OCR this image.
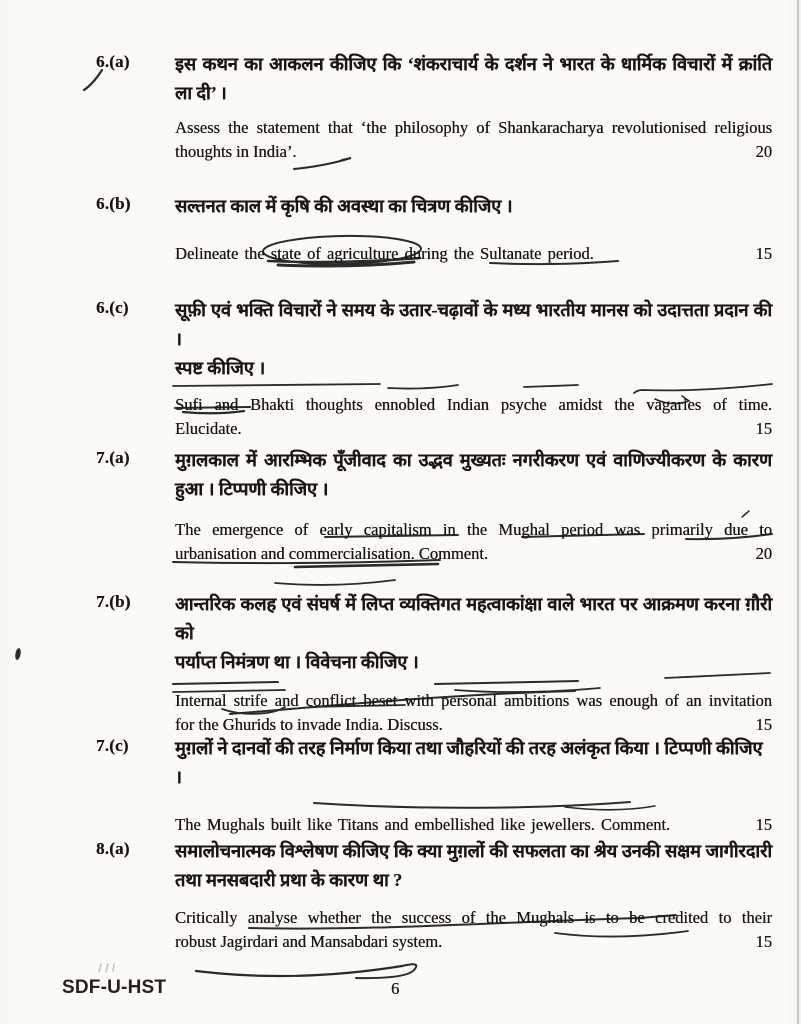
6.(a)	इस कथन का आकलन कीजिए कि ‘शंकराचार्य के दर्शन ने भारत के धार्मिक विचारों में क्रांति
ला दी’ ।
Assess the statement that ‘the philosophy of Shankaracharya revolutionised religious
20
thoughts in India’.
6.(b)	सल्तनत काल में कृषि की अवस्था का चित्रण कीजिए ।
15
Delineate the state of agriculture during the Sultanate period.
6.(c)	सूफ़ी एवं भक्ति विचारों ने समय के उतार-चढ़ावों के मध्य भारतीय मानस को उदात्तता प्रदान की ।
स्पष्ट कीजिए ।
Sufi and Bhakti thoughts ennobled Indian psyche amidst the vagaries of time.
15
Elucidate.
7.(a)	मुग़लकाल में आरम्भिक पूँजीवाद का उद्भव मुख्यतः नगरीकरण एवं वाणिज्यीकरण के कारण
हुआ । टिप्पणी कीजिए ।
The emergence of early capitalism in the Mughal period was primarily due to
20
urbanisation and commercialisation. Comment.
7.(b)	आन्तरिक कलह एवं संघर्ष में लिप्त व्यक्तिगत महत्वाकांक्षा वाले भारत पर आक्रमण करना ग़ौरी को
पर्याप्त निमंत्रण था । विवेचना कीजिए ।
Internal strife and conflict beset with personal ambitions was enough of an invitation
15
for the Ghurids to invade India. Discuss.
7.(c)	मुग़लों ने दानवों की तरह निर्माण किया तथा जौहरियों की तरह अलंकृत किया । टिप्पणी कीजिए ।
15
The Mughals built like Titans and embellished like jewellers. Comment.
8.(a)	समालोचनात्मक विश्लेषण कीजिए कि क्या मुग़लों की सफलता का श्रेय उनकी सक्षम जागीरदारी
तथा मनसबदारी प्रथा के कारण था ?
Critically analyse whether the success of the Mughals is to be credited to their
15
robust Jagirdari and Mansabdari system.
SDF-U-HST	6
